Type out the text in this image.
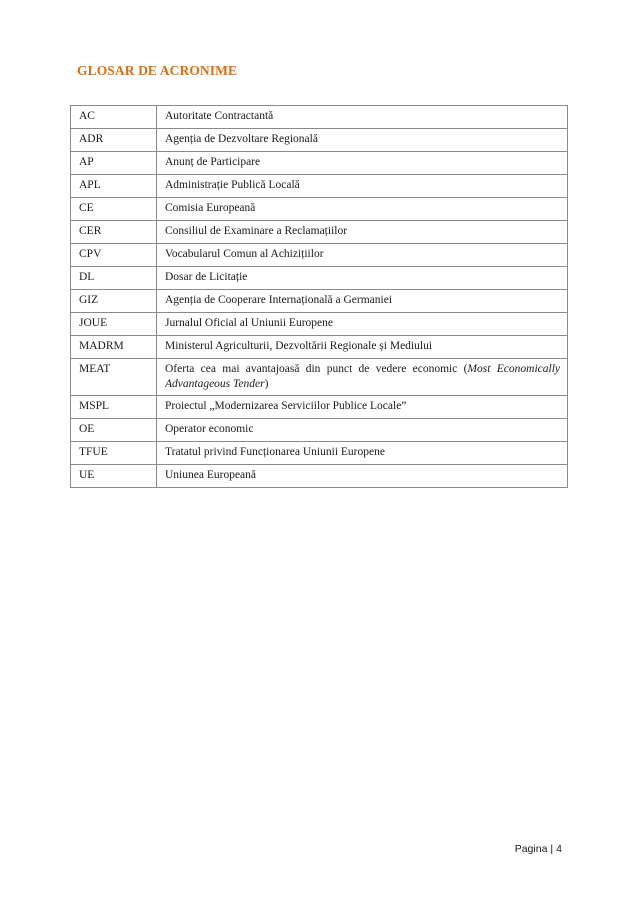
GLOSAR DE ACRONIME
AC	Autoritate Contractantă
ADR	Agenția de Dezvoltare Regională
AP	Anunț de Participare
APL	Administrație Publică Locală
CE	Comisia Europeană
CER	Consiliul de Examinare a Reclamațiilor
CPV	Vocabularul Comun al Achizițiilor
DL	Dosar de Licitație
GIZ	Agenția de Cooperare Internațională a Germaniei
JOUE	Jurnalul Oficial al Uniunii Europene
MADRM	Ministerul Agriculturii, Dezvoltării Regionale și Mediului
MEAT	Oferta cea mai avantajoasă din punct de vedere economic (Most Economically Advantageous Tender)
MSPL	Proiectul „Modernizarea Serviciilor Publice Locale”
OE	Operator economic
TFUE	Tratatul privind Funcționarea Uniunii Europene
UE	Uniunea Europeană
Pagina | 4
